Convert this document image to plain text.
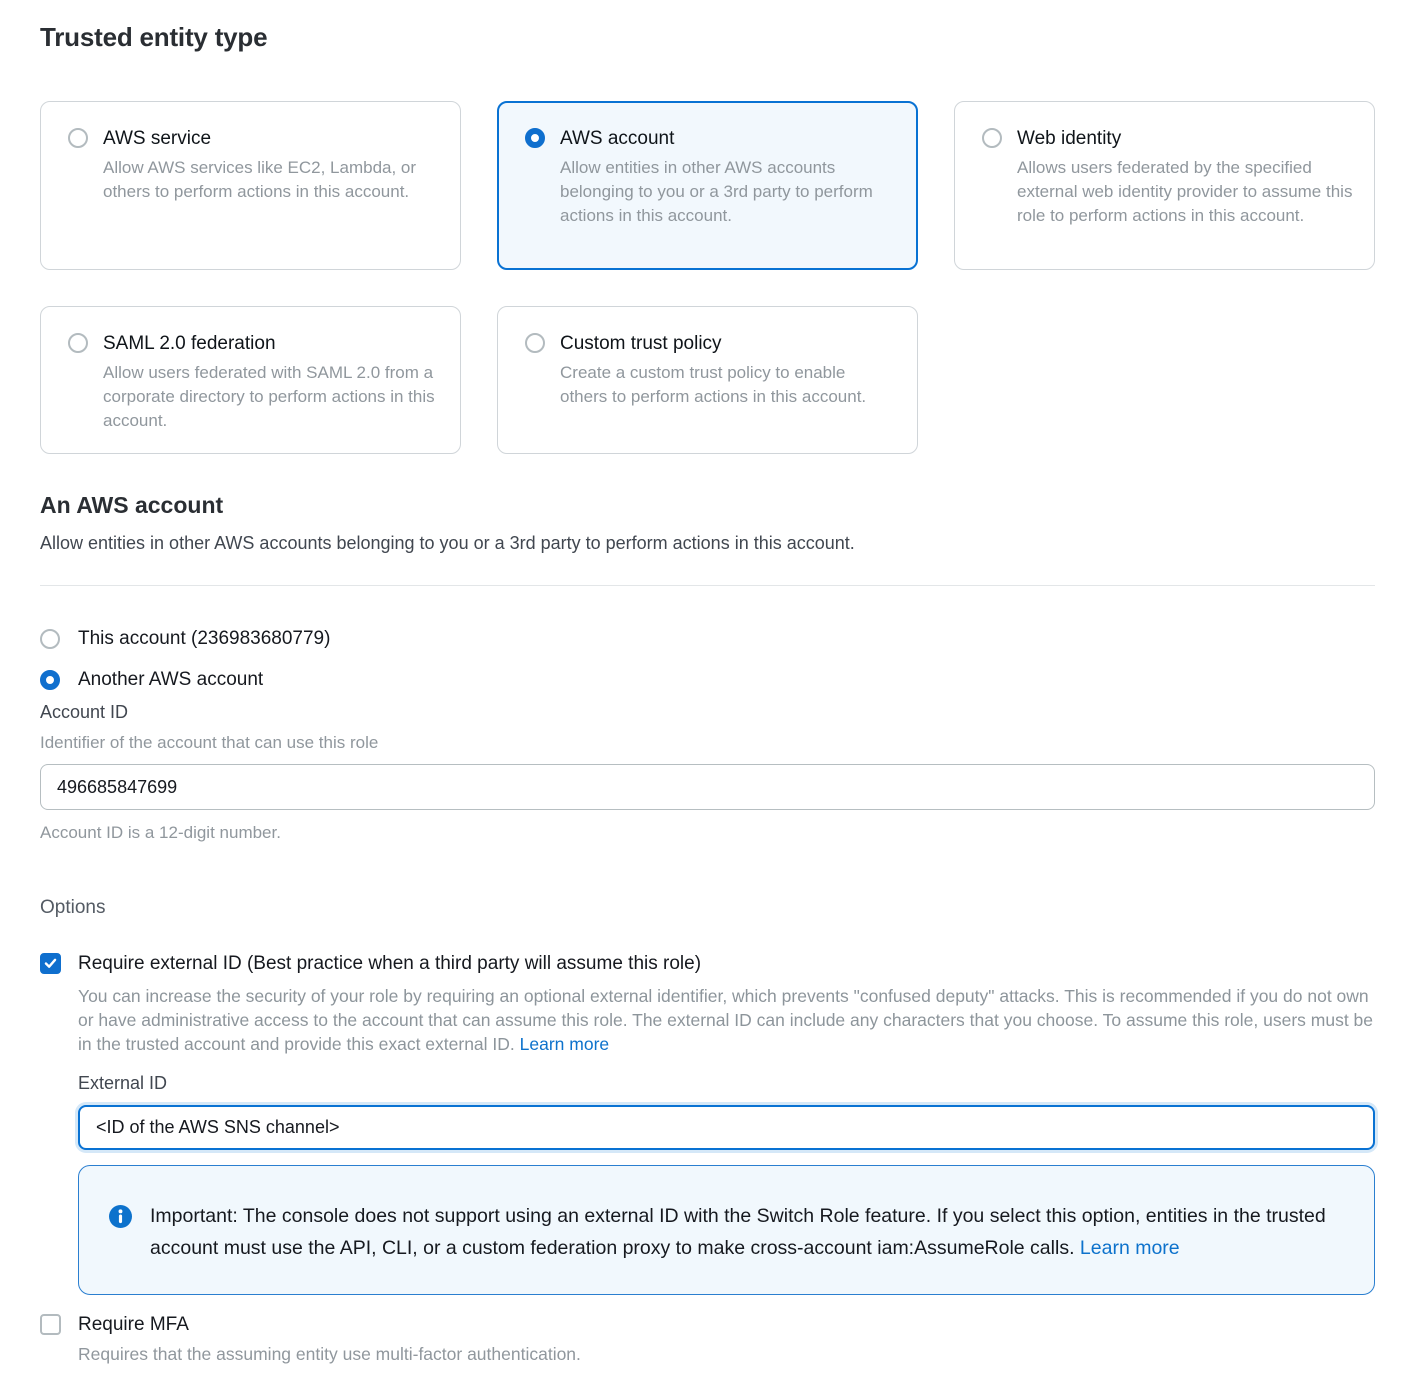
Trusted entity type
AWS service
Allow AWS services like EC2, Lambda, or others to perform actions in this account.
AWS account
Allow entities in other AWS accounts belonging to you or a 3rd party to perform actions in this account.
Web identity
Allows users federated by the specified external web identity provider to assume this role to perform actions in this account.
SAML 2.0 federation
Allow users federated with SAML 2.0 from a corporate directory to perform actions in this account.
Custom trust policy
Create a custom trust policy to enable others to perform actions in this account.
An AWS account
Allow entities in other AWS accounts belonging to you or a 3rd party to perform actions in this account.
This account (236983680779)
Another AWS account
Account ID
Identifier of the account that can use this role
496685847699
Account ID is a 12-digit number.
Options
Require external ID (Best practice when a third party will assume this role)
You can increase the security of your role by requiring an optional external identifier, which prevents "confused deputy" attacks. This is recommended if you do not own or have administrative access to the account that can assume this role. The external ID can include any characters that you choose. To assume this role, users must be in the trusted account and provide this exact external ID. Learn more
External ID
<ID of the AWS SNS channel>
Important: The console does not support using an external ID with the Switch Role feature. If you select this option, entities in the trusted account must use the API, CLI, or a custom federation proxy to make cross-account iam:AssumeRole calls. Learn more
Require MFA
Requires that the assuming entity use multi-factor authentication.
